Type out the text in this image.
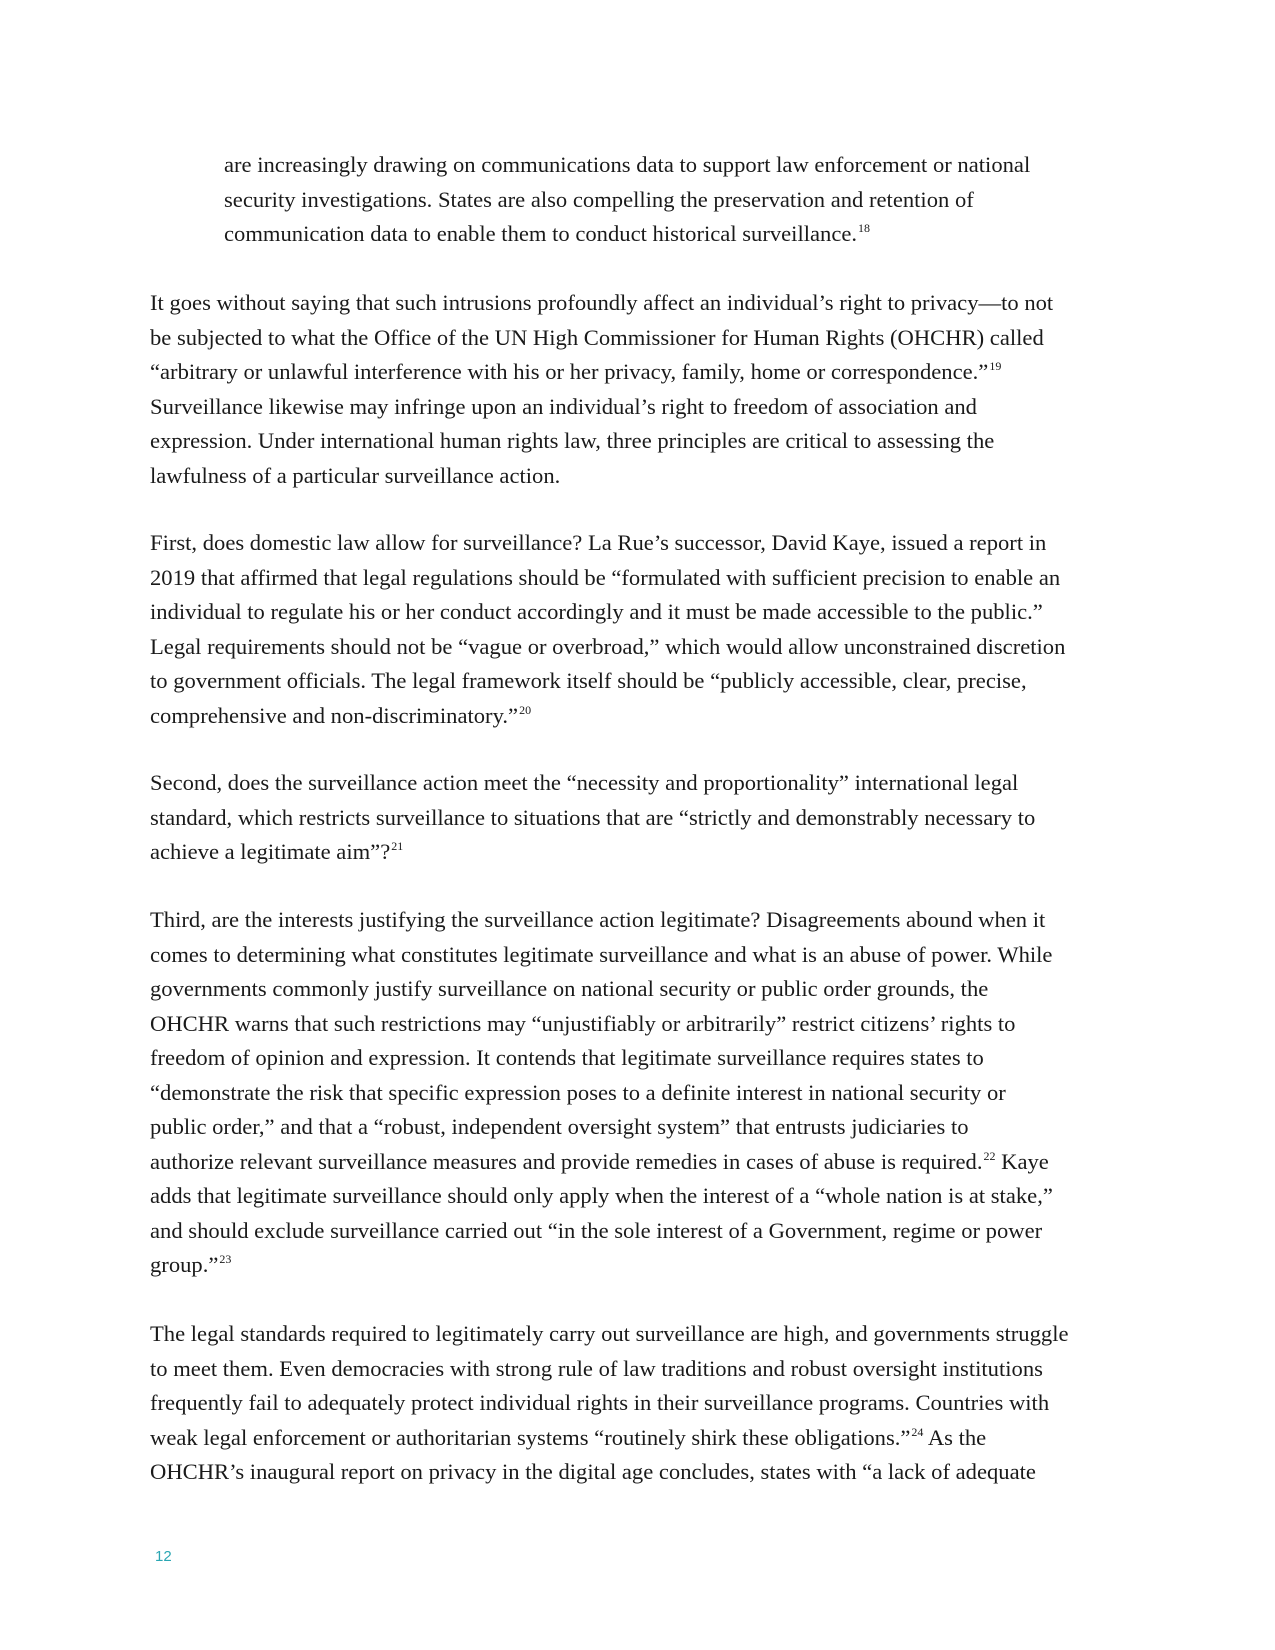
are increasingly drawing on communications data to support law enforcement or national
security investigations. States are also compelling the preservation and retention of
communication data to enable them to conduct historical surveillance.$^{18}$
It goes without saying that such intrusions profoundly affect an individual’s right to privacy—to not
be subjected to what the Office of the UN High Commissioner for Human Rights (OHCHR) called
“arbitrary or unlawful interference with his or her privacy, family, home or correspondence.”$^{19}$
Surveillance likewise may infringe upon an individual’s right to freedom of association and
expression. Under international human rights law, three principles are critical to assessing the
lawfulness of a particular surveillance action.
First, does domestic law allow for surveillance? La Rue’s successor, David Kaye, issued a report in
2019 that affirmed that legal regulations should be “formulated with sufficient precision to enable an
individual to regulate his or her conduct accordingly and it must be made accessible to the public.”
Legal requirements should not be “vague or overbroad,” which would allow unconstrained discretion
to government officials. The legal framework itself should be “publicly accessible, clear, precise,
comprehensive and non-discriminatory.”$^{20}$
Second, does the surveillance action meet the “necessity and proportionality” international legal
standard, which restricts surveillance to situations that are “strictly and demonstrably necessary to
achieve a legitimate aim”?$^{21}$
Third, are the interests justifying the surveillance action legitimate? Disagreements abound when it
comes to determining what constitutes legitimate surveillance and what is an abuse of power. While
governments commonly justify surveillance on national security or public order grounds, the
OHCHR warns that such restrictions may “unjustifiably or arbitrarily” restrict citizens’ rights to
freedom of opinion and expression. It contends that legitimate surveillance requires states to
“demonstrate the risk that specific expression poses to a definite interest in national security or
public order,” and that a “robust, independent oversight system” that entrusts judiciaries to
authorize relevant surveillance measures and provide remedies in cases of abuse is required.$^{22}$ Kaye
adds that legitimate surveillance should only apply when the interest of a “whole nation is at stake,”
and should exclude surveillance carried out “in the sole interest of a Government, regime or power
group.”$^{23}$
The legal standards required to legitimately carry out surveillance are high, and governments struggle
to meet them. Even democracies with strong rule of law traditions and robust oversight institutions
frequently fail to adequately protect individual rights in their surveillance programs. Countries with
weak legal enforcement or authoritarian systems “routinely shirk these obligations.”$^{24}$ As the
OHCHR’s inaugural report on privacy in the digital age concludes, states with “a lack of adequate

12
